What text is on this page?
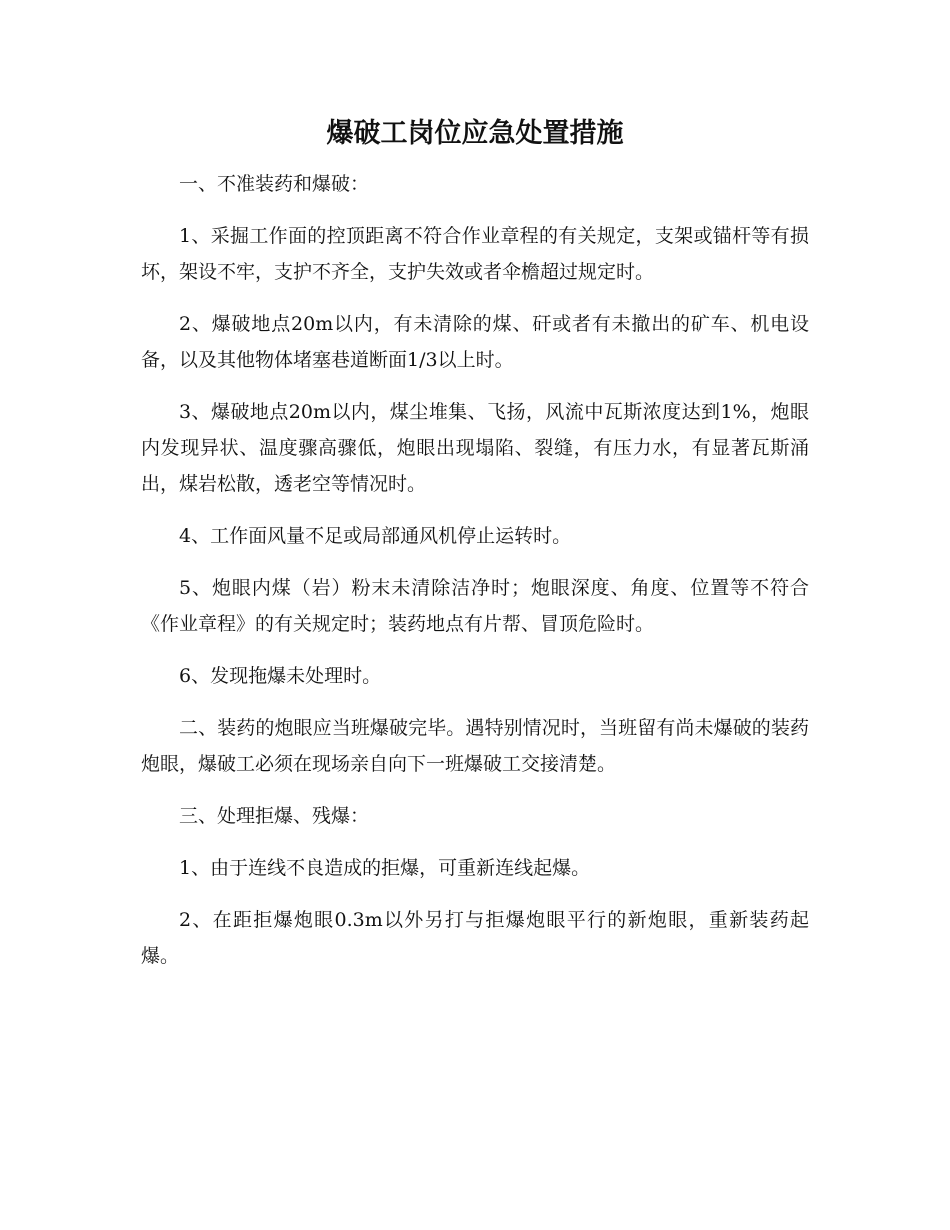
爆破工岗位应急处置措施

一、不准装药和爆破：

1、采掘工作面的控顶距离不符合作业章程的有关规定，支架或锚杆等有损坏，架设不牢，支护不齐全，支护失效或者伞檐超过规定时。

2、爆破地点20m以内，有未清除的煤、矸或者有未撤出的矿车、机电设备，以及其他物体堵塞巷道断面1/3以上时。

3、爆破地点20m以内，煤尘堆集、飞扬，风流中瓦斯浓度达到1%，炮眼内发现异状、温度骤高骤低，炮眼出现塌陷、裂缝，有压力水，有显著瓦斯涌出，煤岩松散，透老空等情况时。

4、工作面风量不足或局部通风机停止运转时。

5、炮眼内煤（岩）粉末未清除洁净时；炮眼深度、角度、位置等不符合《作业章程》的有关规定时；装药地点有片帮、冒顶危险时。

6、发现拖爆未处理时。

二、装药的炮眼应当班爆破完毕。遇特别情况时，当班留有尚未爆破的装药炮眼，爆破工必须在现场亲自向下一班爆破工交接清楚。

三、处理拒爆、残爆：

1、由于连线不良造成的拒爆，可重新连线起爆。

2、在距拒爆炮眼0.3m以外另打与拒爆炮眼平行的新炮眼，重新装药起爆。
